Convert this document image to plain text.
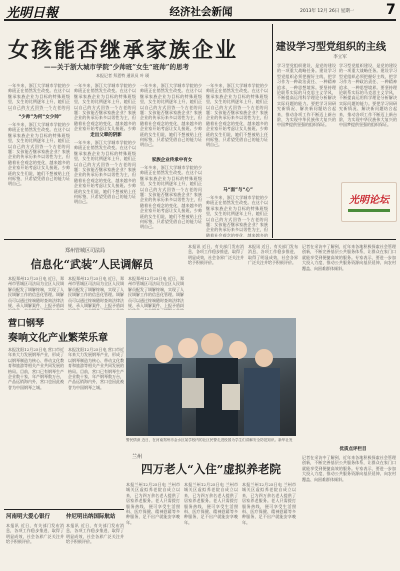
光明日報	经济社会新闻	2013年 12月 26日 星期一	7
女孩能否继承家族企业
——关于浙大城市学院“少帅班”女生“班帅”的思考
本报记者 拜恩特 通讯员 叶 瑛
一年多来，浙江大学城市学院的少帅班正在悄然发生改变。在这个以继承家族企业为目标的特殊班级里，女生的比例逐年上升，她们正以自己的方式回答一个古老的问
“少帅”为何“女少帅”
一年多来，浙江大学城市学院的少帅班正在悄然发生改变。在这个以继承家族企业为目标的特殊班级里，女生的比例逐年上升，她们正以自己的方式回答一个古老的问题：女孩能否继承家族企业？家族企业的传承历来多以男性为主，但随着社会观念的变化，越来越多的企业家开始考虑让女儿接班。少帅班的女生们说，她们不想被贴上任何标签，只希望凭借自己的能力证明自己。
一年多来，浙江大学城市学院的少帅班正在悄然发生改变。在这个以继承家族企业为目标的特殊班级里，女生的比例逐年上升，她们正以自己的方式回答一个古老的问题：女孩能否继承家族企业？家族企业的传承历来多以男性为主，但随着社会观念的变化，越来越多的企业家开始考虑让女儿接班。少帅
走出父辈的阴影
一年多来，浙江大学城市学院的少帅班正在悄然发生改变。在这个以继承家族企业为目标的特殊班级里，女生的比例逐年上升，她们正以自己的方式回答一个古老的问题：女孩能否继承家族企业？家族企业的传承历来多以男性为主，但随着社会观念的变化，越来越多的企业家开始考虑让女儿接班。少帅班的女生们说，她们不想被贴上任何标签，只希望凭借自己的能力证明自己。
一年多来，浙江大学城市学院的少帅班正在悄然发生改变。在这个以继承家族企业为目标的特殊班级里，女生的比例逐年上升，她们正以自己的方式回答一个古老的问题：女孩能否继承家族企业？家族企业的传承历来多以男性为主，但随着社会观念的变化，越来越多的企业家开始考虑让女儿接班。少帅班的女生们说，她们不想被贴上任何标签，只希望凭借自己的能力证明自己。
家族企业传承中有女
一年多来，浙江大学城市学院的少帅班正在悄然发生改变。在这个以继承家族企业为目标的特殊班级里，女生的比例逐年上升，她们正以自己的方式回答一个古老的问题：女孩能否继承家族企业？家族企业的传承历来多以男性为主，但随着社会观念的变化，越来越多的企业家开始考虑让女儿接班。少帅班的女生们说，她们不想被贴上任何标签，只希望凭借自己的能力证明自己。
一年多来，浙江大学城市学院的少帅班正在悄然发生改变。在这个以继承家族企业为目标的特殊班级里，女生的比例逐年上升，她们正以自己的方式回答一个古老的问题：女孩能否继承家族企业？家族企业的传承历来多以男性为主，但随着社会观念的变化，越来越多的企业家开始考虑让女儿接班。少帅班的女生们说，她们不想被贴上任何标签，只希望凭借自己的能力证明自己。
马“面”与“心”
一年多来，浙江大学城市学院的少帅班正在悄然发生改变。在这个以继承家族企业为目标的特殊班级里，女生的比例逐年上升，她们正以自己的方式回答一个古老的问题：女孩能否继承家族企业？家族企业的传承历来多以男性为主，但随着社会观念的变化，越来越多的
建设学习型党组织的主线
李立军
学习型党组织建设，是党的建设的一项重大战略任务。建设学习型党组织必须把握好主线，把学习作为一种政治责任、一种精神追求、一种思想境界。要坚持理论联系实际的马克思主义学风，不断提高运用科学理论分析解决实际问题的能力。要把学习同研究新情况、解决新问题结合起来，推动各项工作不断迈上新台阶，为实现中华民族伟大复兴的中国梦提供坚强的组织保证。
学习型党组织建设，是党的建设的一项重大战略任务。建设学习型党组织必须把握好主线，把学习作为一种政治责任、一种精神追求、一种思想境界。要坚持理论联系实际的马克思主义学风，不断提高运用科学理论分析解决实际问题的能力。要把学习同研究新情况、解决新问题结合起来，推动各项工作不断迈上新台阶，为实现中华民族伟大复兴的中国梦提供坚强的组织保证。
光明论坛
郑州管城区司法局
信息化“武装”人民调解员
本报郑州12月25日电 近日，郑州市管城区司法局为全区人民调解员配发了调解终端，实现了人民调解工作的信息化管理。调解员可以通过终端随时查询法律法规、录入调解案件、上报矛盾纠
本报郑州12月25日电 近日，郑州市管城区司法局为全区人民调解员配发了调解终端，实现了人民调解工作的信息化管理。调解员可以通过终端随时查询法律法规、录入调解案件、上报矛盾纠
本报郑州12月25日电 近日，郑州市管城区司法局为全区人民调解员配发了调解终端，实现了人民调解工作的信息化管理。调解员可以通过终端随时查询法律法规、录入调解案件、上报矛盾纠
营口钢琴
奏响文化产业繁荣乐章
本报沈阳12月25日电 营口市近年来大力发展钢琴产业，形成了以钢琴制造为核心、带动文化教育和旅游等相关产业共同发展的格局。目前，营口已有钢琴生产企业数十家，年产钢琴数万台，产品远销海内外，营口也因此被誉为中国钢琴之城。
本报沈阳12月25日电 营口市近年来大力发展钢琴产业，形成了以钢琴制造为核心、带动文化教育和旅游等相关产业共同发展的格局。目前，营口已有钢琴生产企业数十家，年产钢琴数万台，产品远销海内外，营口也因此被誉为中国钢琴之城。
警民情深 近日，在河南郑州市金水区某学校内的社区民警走进校园为学生们讲解安全防范知识。新华社发
兰州
四万老人“入住”虚拟养老院
本报兰州12月25日电 兰州市城关区虚拟养老院自成立以来，已为四万余名老人提供了居家养老服务。老人只需拨打服务热线，便可享受生活照料、医疗保健、精神慰藉等多种服务，足不出户就能安享晚年。
本报兰州12月25日电 兰州市城关区虚拟养老院自成立以来，已为四万余名老人提供了居家养老服务。老人只需拨打服务热线，便可享受生活照料、医疗保健、精神慰藉等多种服务，足不出户就能安享晚年。
本报兰州12月25日电 兰州市城关区虚拟养老院自成立以来，已为四万余名老人提供了居家养老服务。老人只需拨打服务热线，便可享受生活照料、医疗保健、精神慰藉等多种服务，足不出户就能安享晚年。
本报讯 近日，有关部门发布消息，各项工作稳步推进，取得了明显成效，社会各界广泛关注并给予积极评价。
本报讯 近日，有关部门发布消息，各项工作稳步推进，取得了明显成效，社会各界广泛关注并给予积极评价。
记者在采访中了解到，近年来各地积极探索社会管理创新，不断完善基层公共服务体系，让群众在家门口就能享受到便捷高效的服务。专家表示，要进一步加大投入力度，推动公共服务资源向基层延伸、向农村覆盖、向困难群体倾斜。
优质点评栏目
记者在采访中了解到，近年来各地积极探索社会管理创新，不断完善基层公共服务体系，让群众在家门口就能享受到便捷高效的服务。专家表示，要进一步加大投入力度，推动公共服务资源向基层延伸、向农村覆盖、向困难群体倾斜。
河南明大爱心银行
本报讯 近日，有关部门发布消息，各项工作稳步推进，取得了明显成效，社会各界广泛关注并给予积极评价。
仲尼明出纳国际航站
本报讯 近日，有关部门发布消息，各项工作稳步推进，取得了明显成效，社会各界广泛关注并给予积极评价。
